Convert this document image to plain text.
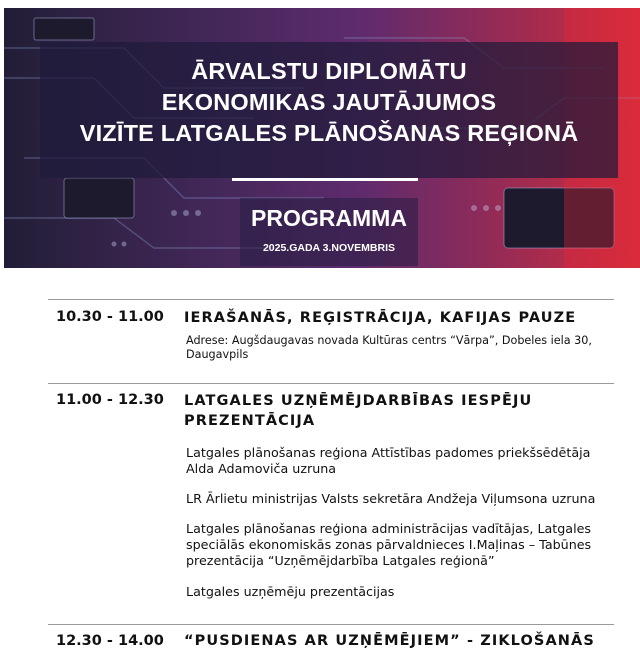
ĀRVALSTU DIPLOMĀTU
EKONOMIKAS JAUTĀJUMOS
VIZĪTE LATGALES PLĀNOŠANAS REĢIONĀ
PROGRAMMA
2025.GADA 3.NOVEMBRIS
10.30 - 11.00	IERAŠANĀS, REĢISTRĀCIJA, KAFIJAS PAUZE
Adrese: Augšdaugavas novada Kultūras centrs “Vārpa”, Dobeles iela 30, Daugavpils
11.00 - 12.30	LATGALES UZŅĒMĒJDARBĪBAS IESPĒJU PREZENTĀCIJA
Latgales plānošanas reģiona Attīstības padomes priekšsēdētāja Alda Adamoviča uzruna
LR Ārlietu ministrijas Valsts sekretāra Andžeja Viļumsona uzruna
Latgales plānošanas reģiona administrācijas vadītājas, Latgales speciālās ekonomiskās zonas pārvaldnieces I.Maļinas – Tabūnes prezentācija “Uzņēmējdarbība Latgales reģionā”
Latgales uzņēmēju prezentācijas
12.30 - 14.00	“PUSDIENAS AR UZŅĒMĒJIEM” - ZIKLOŠANĀS
